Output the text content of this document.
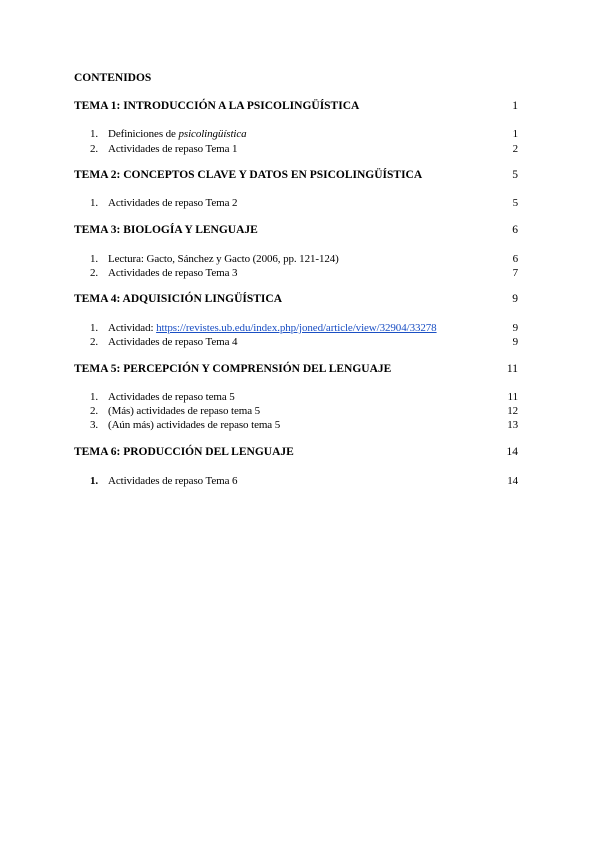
CONTENIDOS
TEMA 1: INTRODUCCIÓN A LA PSICOLINGÜÍSTICA	1
1. Definiciones de psicolingüística	1
2. Actividades de repaso Tema 1	2
TEMA 2: CONCEPTOS CLAVE Y DATOS EN PSICOLINGÜÍSTICA	5
1. Actividades de repaso Tema 2	5
TEMA 3: BIOLOGÍA Y LENGUAJE	6
1. Lectura: Gacto, Sánchez y Gacto (2006, pp. 121-124)	6
2. Actividades de repaso Tema 3	7
TEMA 4: ADQUISICIÓN LINGÜÍSTICA	9
1. Actividad: https://revistes.ub.edu/index.php/joned/article/view/32904/33278	9
2. Actividades de repaso Tema 4	9
TEMA 5: PERCEPCIÓN Y COMPRENSIÓN DEL LENGUAJE	11
1. Actividades de repaso tema 5	11
2. (Más) actividades de repaso tema 5	12
3. (Aún más) actividades de repaso tema 5	13
TEMA 6: PRODUCCIÓN DEL LENGUAJE	14
1. Actividades de repaso Tema 6	14
